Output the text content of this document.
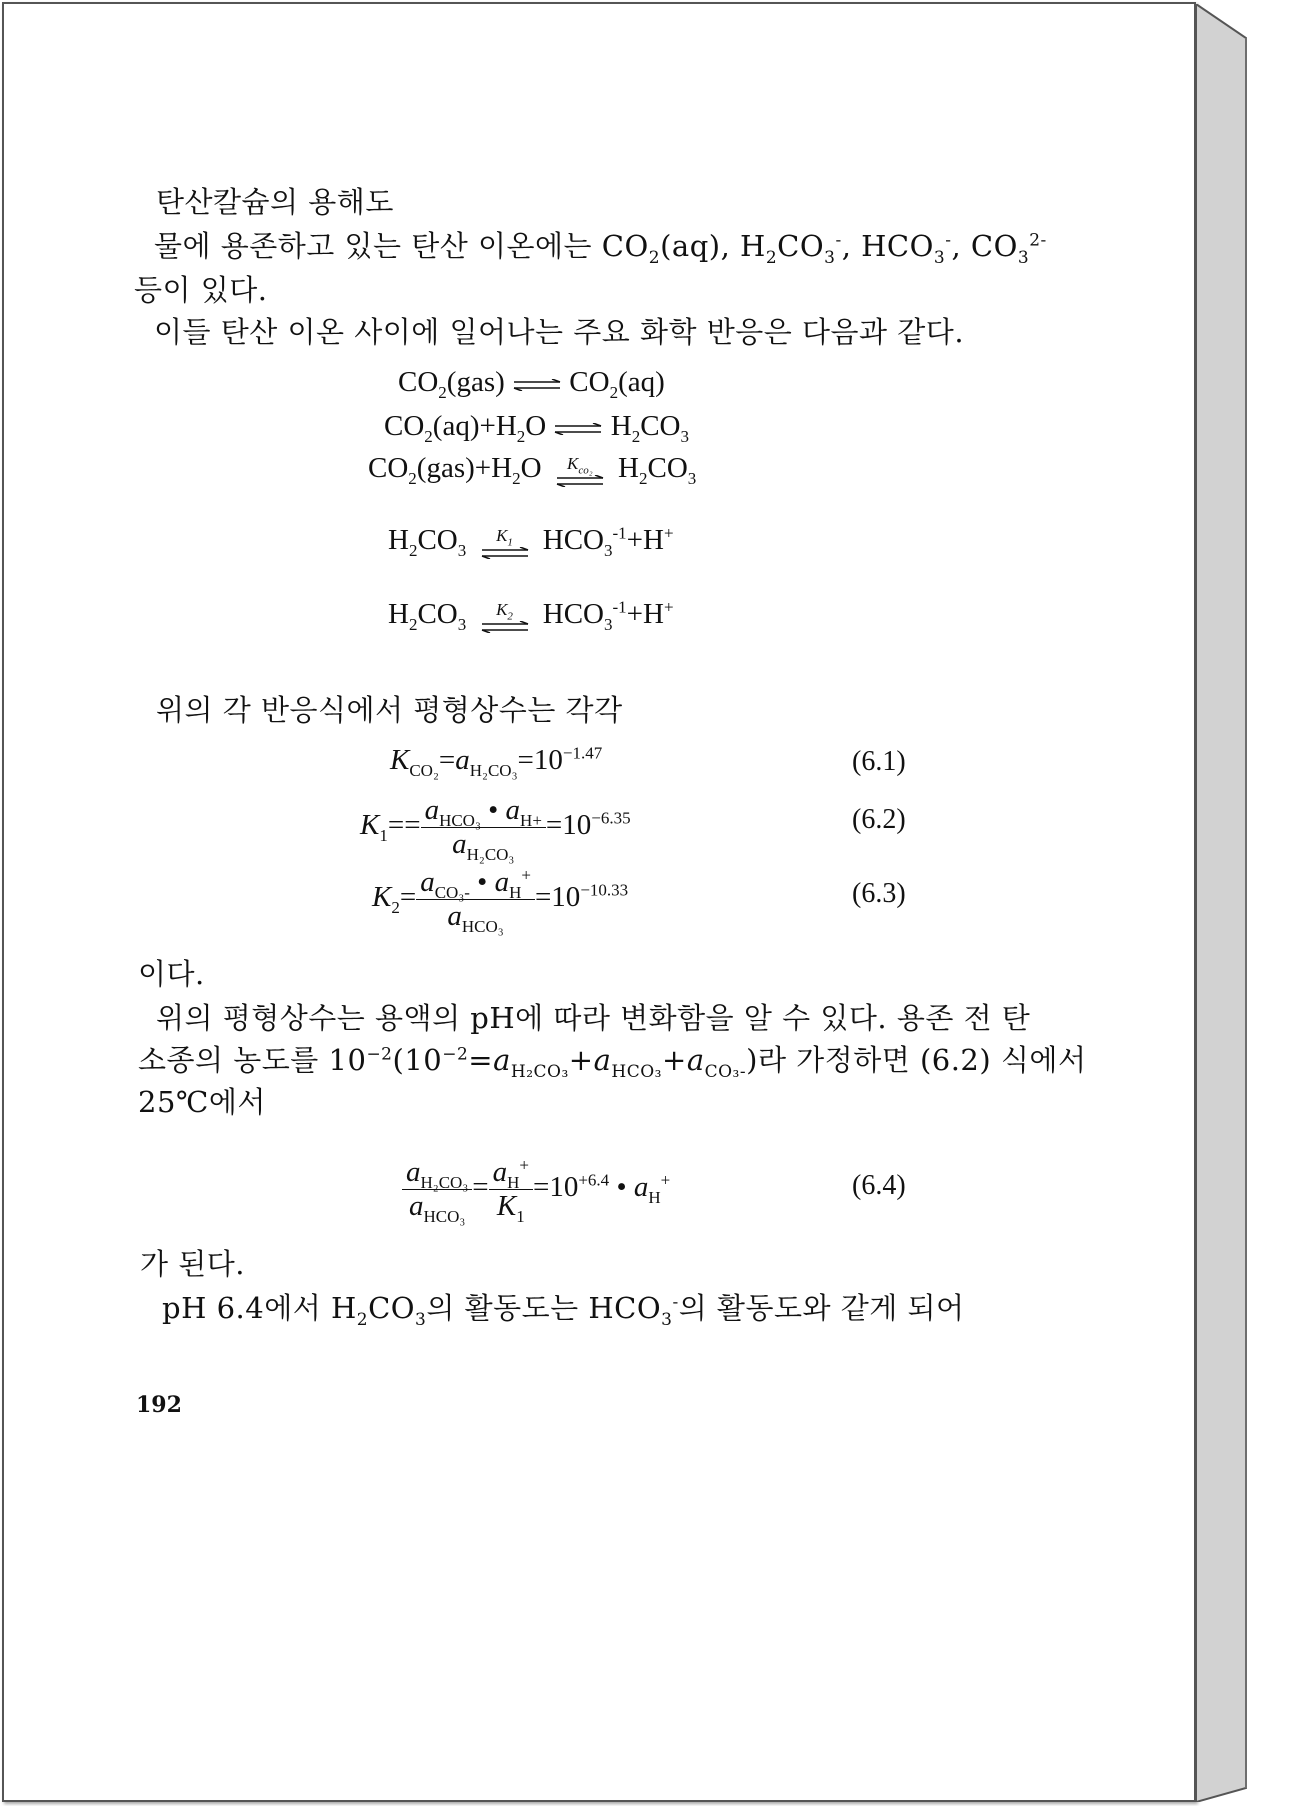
탄산칼슘의 용해도
물에 용존하고 있는 탄산 이온에는 $CO_2(aq)$, $H_2CO_3^-$, $HCO_3^-$, $CO_3^{2-}$
등이 있다.
이들 탄산 이온 사이에 일어나는 주요 화학 반응은 다음과 같다.
$CO_2(gas)$
$CO_2(aq)$
$CO_2(aq)+H_2O$
$H_2CO_3$
$CO_2(gas)+H_2O$	$K_{co_2}$ $H_2CO_3$
$H_2CO_3$
$K_1$ $HCO_3^{-1}+H^+$
$H_2CO_3$
$K_2$ $HCO_3^{-1}+H^+$
위의 각 반응식에서 평형상수는 각각
$K_{CO_2}=a_{H_2CO_3}=10^{-1.47}$	(6.1)
$K_1== \frac{a_{HCO_3} • a_{H+}}{a_{H_2CO_3}} =10^{-6.35}$	(6.2)
$K_2= \frac{a_{CO_3-} • a_H^+}{a_{HCO_3}} =10^{-10.33}$	(6.3)
이다.
위의 평형상수는 용액의 pH에 따라 변화함을 알 수 있다. 용존 전 탄
소종의 농도를 $10^{-2}(10^{-2}=a_{H_2CO_3}+a_{HCO_3}+a_{CO_3-})$라 가정하면 (6.2) 식에서
25℃에서
$\frac{a_{H_2CO_3}}{a_{HCO_3}} = \frac{a_H^+}{K_1} =10^{+6.4}$ • $a_H^+$	(6.4)
가 된다.
pH 6.4에서 $H_2CO_3$의 활동도는 $HCO_3^-$의 활동도와 같게 되어
192
